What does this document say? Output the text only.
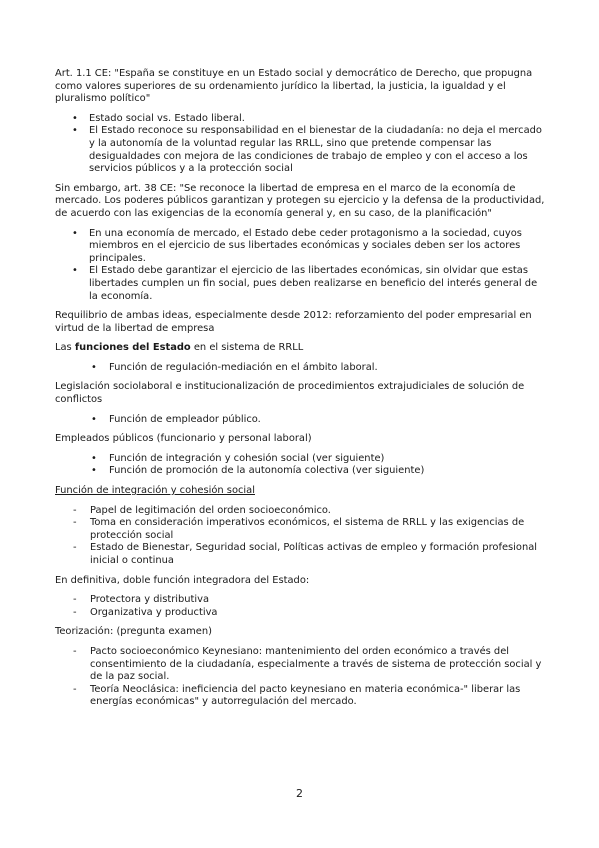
Art. 1.1 CE: "España se constituye en un Estado social y democrático de Derecho, que propugna como valores superiores de su ordenamiento jurídico la libertad, la justicia, la igualdad y el pluralismo político"

• Estado social vs. Estado liberal.
• El Estado reconoce su responsabilidad en el bienestar de la ciudadanía: no deja el mercado y la autonomía de la voluntad regular las RRLL, sino que pretende compensar las desigualdades con mejora de las condiciones de trabajo de empleo y con el acceso a los servicios públicos y a la protección social

Sin embargo, art. 38 CE: "Se reconoce la libertad de empresa en el marco de la economía de mercado. Los poderes públicos garantizan y protegen su ejercicio y la defensa de la productividad, de acuerdo con las exigencias de la economía general y, en su caso, de la planificación"

• En una economía de mercado, el Estado debe ceder protagonismo a la sociedad, cuyos miembros en el ejercicio de sus libertades económicas y sociales deben ser los actores principales.
• El Estado debe garantizar el ejercicio de las libertades económicas, sin olvidar que estas libertades cumplen un fin social, pues deben realizarse en beneficio del interés general de la economía.

Requilibrio de ambas ideas, especialmente desde 2012: reforzamiento del poder empresarial en virtud de la libertad de empresa

Las funciones del Estado en el sistema de RRLL

• Función de regulación-mediación en el ámbito laboral.

Legislación sociolaboral e institucionalización de procedimientos extrajudiciales de solución de conflictos

• Función de empleador público.

Empleados públicos (funcionario y personal laboral)

• Función de integración y cohesión social (ver siguiente)
• Función de promoción de la autonomía colectiva (ver siguiente)

Función de integración y cohesión social

- Papel de legitimación del orden socioeconómico.
- Toma en consideración imperativos económicos, el sistema de RRLL y las exigencias de protección social
- Estado de Bienestar, Seguridad social, Políticas activas de empleo y formación profesional inicial o continua

En definitiva, doble función integradora del Estado:

- Protectora y distributiva
- Organizativa y productiva

Teorización: (pregunta examen)

- Pacto socioeconómico Keynesiano: mantenimiento del orden económico a través del consentimiento de la ciudadanía, especialmente a través de sistema de protección social y de la paz social.
- Teoría Neoclásica: ineficiencia del pacto keynesiano en materia económica-" liberar las energías económicas" y autorregulación del mercado.
2
